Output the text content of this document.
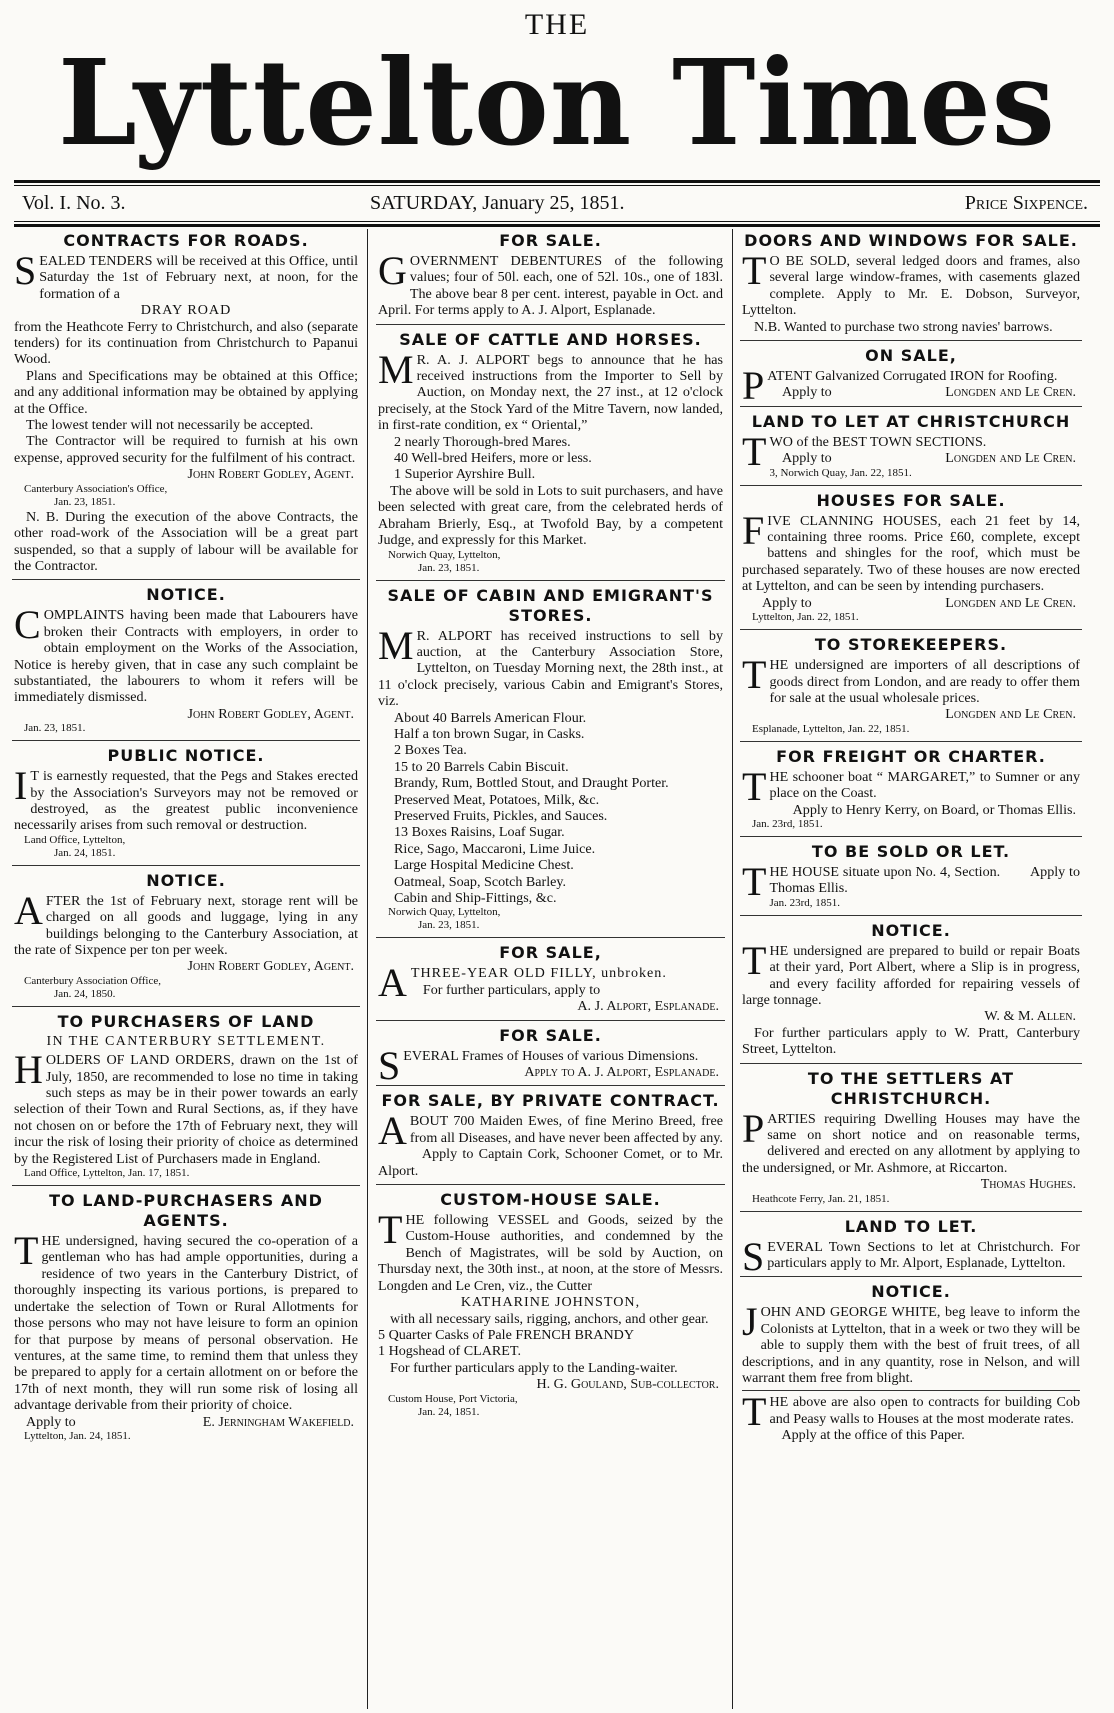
THE
Lyttelton Times
Vol. I. No. 3.	SATURDAY, January 25, 1851.	Price Sixpence.
CONTRACTS FOR ROADS.
SEALED TENDERS will be received at this Office, until Saturday the 1st of February next, at noon, for the formation of a
DRAY ROAD
from the Heathcote Ferry to Christchurch, and also (separate tenders) for its continuation from Christchurch to Papanui Wood.
Plans and Specifications may be obtained at this Office; and any additional information may be obtained by applying at the Office.
The lowest tender will not necessarily be accepted.
The Contractor will be required to furnish at his own expense, approved security for the fulfilment of his contract.
John Robert Godley, Agent.
Canterbury Association's Office,
Jan. 23, 1851.
N. B. During the execution of the above Contracts, the other road-work of the Association will be a great part suspended, so that a supply of labour will be available for the Contractor.
NOTICE.
COMPLAINTS having been made that Labourers have broken their Contracts with employers, in order to obtain employment on the Works of the Association, Notice is hereby given, that in case any such complaint be substantiated, the labourers to whom it refers will be immediately dismissed.
John Robert Godley, Agent.
Jan. 23, 1851.
PUBLIC NOTICE.
I T is earnestly requested, that the Pegs and Stakes erected by the Association's Surveyors may not be removed or destroyed, as the greatest public inconvenience necessarily arises from such removal or destruction.
Land Office, Lyttelton,
Jan. 24, 1851.
NOTICE.
AFTER the 1st of February next, storage rent will be charged on all goods and luggage, lying in any buildings belonging to the Canterbury Association, at the rate of Sixpence per ton per week.
John Robert Godley, Agent.
Canterbury Association Office,
Jan. 24, 1850.
TO PURCHASERS OF LAND
IN THE CANTERBURY SETTLEMENT.
HOLDERS OF LAND ORDERS, drawn on the 1st of July, 1850, are recommended to lose no time in taking such steps as may be in their power towards an early selection of their Town and Rural Sections, as, if they have not chosen on or before the 17th of February next, they will incur the risk of losing their priority of choice as determined by the Registered List of Purchasers made in England.
Land Office, Lyttelton, Jan. 17, 1851.
TO LAND-PURCHASERS AND AGENTS.
THE undersigned, having secured the co-operation of a gentleman who has had ample opportunities, during a residence of two years in the Canterbury District, of thoroughly inspecting its various portions, is prepared to undertake the selection of Town or Rural Allotments for those persons who may not have leisure to form an opinion for that purpose by means of personal observation. He ventures, at the same time, to remind them that unless they be prepared to apply for a certain allotment on or before the 17th of next month, they will run some risk of losing all advantage derivable from their priority of choice.
Apply to	E. Jerningham Wakefield.
Lyttelton, Jan. 24, 1851.
FOR SALE.
GOVERNMENT DEBENTURES of the following values; four of 50l. each, one of 52l. 10s., one of 183l. The above bear 8 per cent. interest, payable in Oct. and April. For terms apply to A. J. Alport, Esplanade.
SALE OF CATTLE AND HORSES.
M R. A. J. ALPORT begs to announce that he has received instructions from the Importer to Sell by Auction, on Monday next, the 27 inst., at 12 o'clock precisely, at the Stock Yard of the Mitre Tavern, now landed, in first-rate condition, ex “ Oriental,”
2 nearly Thorough-bred Mares.
40 Well-bred Heifers, more or less.
1 Superior Ayrshire Bull.
The above will be sold in Lots to suit purchasers, and have been selected with great care, from the celebrated herds of Abraham Brierly, Esq., at Twofold Bay, by a competent Judge, and expressly for this Market.
Norwich Quay, Lyttelton,
Jan. 23, 1851.
SALE OF CABIN AND EMIGRANT'S STORES.
M R. ALPORT has received instructions to sell by auction, at the Canterbury Association Store, Lyttelton, on Tuesday Morning next, the 28th inst., at 11 o'clock precisely, various Cabin and Emigrant's Stores, viz.
About 40 Barrels American Flour.
Half a ton brown Sugar, in Casks.
2 Boxes Tea.
15 to 20 Barrels Cabin Biscuit.
Brandy, Rum, Bottled Stout, and Draught Porter.
Preserved Meat, Potatoes, Milk, &c.
Preserved Fruits, Pickles, and Sauces.
13 Boxes Raisins, Loaf Sugar.
Rice, Sago, Maccaroni, Lime Juice.
Large Hospital Medicine Chest.
Oatmeal, Soap, Scotch Barley.
Cabin and Ship-Fittings, &c.
Norwich Quay, Lyttelton,
Jan. 23, 1851.
FOR SALE,
ATHREE-YEAR OLD FILLY, unbroken.
For further particulars, apply to
A. J. Alport, Esplanade.
FOR SALE.
SEVERAL Frames of Houses of various Dimensions.
Apply to A. J. Alport, Esplanade.
FOR SALE, BY PRIVATE CONTRACT.
ABOUT 700 Maiden Ewes, of fine Merino Breed, free from all Diseases, and have never been affected by any.
Apply to Captain Cork, Schooner Comet, or to Mr. Alport.
CUSTOM-HOUSE SALE.
THE following VESSEL and Goods, seized by the Custom-House authorities, and condemned by the Bench of Magistrates, will be sold by Auction, on Thursday next, the 30th inst., at noon, at the store of Messrs. Longden and Le Cren, viz., the Cutter
KATHARINE JOHNSTON,
with all necessary sails, rigging, anchors, and other gear.
5 Quarter Casks of Pale FRENCH BRANDY
1 Hogshead of CLARET.
For further particulars apply to the Landing-waiter.
H. G. Gouland, Sub-collector.
Custom House, Port Victoria,
Jan. 24, 1851.
DOORS AND WINDOWS FOR SALE.
T O BE SOLD, several ledged doors and frames, also several large window-frames, with casements glazed complete. Apply to Mr. E. Dobson, Surveyor, Lyttelton.
N.B. Wanted to purchase two strong navies' barrows.
ON SALE,
PATENT Galvanized Corrugated IRON for Roofing.
Apply to	Longden and Le Cren.
LAND TO LET AT CHRISTCHURCH
TWO of the BEST TOWN SECTIONS.
Apply to	Longden and Le Cren.
3, Norwich Quay, Jan. 22, 1851.
HOUSES FOR SALE.
FIVE CLANNING HOUSES, each 21 feet by 14, containing three rooms. Price £60, complete, except battens and shingles for the roof, which must be purchased separately. Two of these houses are now erected at Lyttelton, and can be seen by intending purchasers.
Apply to	Longden and Le Cren.
Lyttelton, Jan. 22, 1851.
TO STOREKEEPERS.
THE undersigned are importers of all descriptions of goods direct from London, and are ready to offer them for sale at the usual wholesale prices.
Longden and Le Cren.
Esplanade, Lyttelton, Jan. 22, 1851.
FOR FREIGHT OR CHARTER.
THE schooner boat “ MARGARET,” to Sumner or any place on the Coast.
Apply to Henry Kerry, on Board, or Thomas Ellis.
Jan. 23rd, 1851.
TO BE SOLD OR LET.
THE HOUSE situate upon No. 4, Section.        Apply to Thomas Ellis.
Jan. 23rd, 1851.
NOTICE.
THE undersigned are prepared to build or repair Boats at their yard, Port Albert, where a Slip is in progress, and every facility afforded for repairing vessels of large tonnage.
W. & M. Allen.
For further particulars apply to W. Pratt, Canterbury Street, Lyttelton.
TO THE SETTLERS AT CHRISTCHURCH.
PARTIES requiring Dwelling Houses may have the same on short notice and on reasonable terms, delivered and erected on any allotment by applying to the undersigned, or Mr. Ashmore, at Riccarton.
Thomas Hughes.
Heathcote Ferry, Jan. 21, 1851.
LAND TO LET.
SEVERAL Town Sections to let at Christchurch. For particulars apply to Mr. Alport, Esplanade, Lyttelton.
NOTICE.
JOHN AND GEORGE WHITE, beg leave to inform the Colonists at Lyttelton, that in a week or two they will be able to supply them with the best of fruit trees, of all descriptions, and in any quantity, rose in Nelson, and will warrant them free from blight.
THE above are also open to contracts for building Cob and Peasy walls to Houses at the most moderate rates.
Apply at the office of this Paper.
